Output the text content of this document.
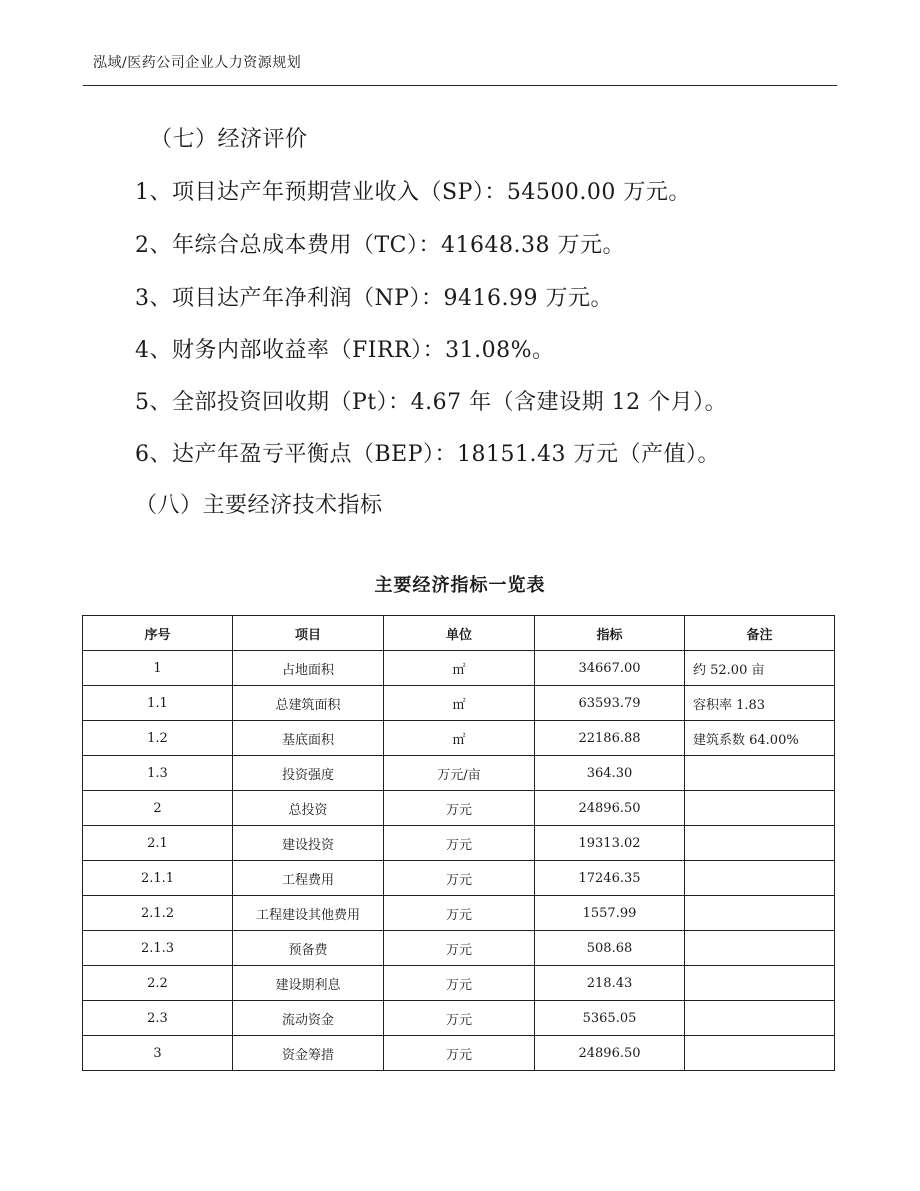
泓域/医药公司企业人力资源规划
（七）经济评价
1、项目达产年预期营业收入（SP）：54500.00 万元。
2、年综合总成本费用（TC）：41648.38 万元。
3、项目达产年净利润（NP）：9416.99 万元。
4、财务内部收益率（FIRR）：31.08%。
5、全部投资回收期（Pt）：4.67 年（含建设期 12 个月）。
6、达产年盈亏平衡点（BEP）：18151.43 万元（产值）。
（八）主要经济技术指标
主要经济指标一览表
序号	项目	单位	指标	备注
1	占地面积	㎡	34667.00	约 52.00 亩
1.1	总建筑面积	㎡	63593.79	容积率 1.83
1.2	基底面积	㎡	22186.88	建筑系数 64.00%
1.3	投资强度	万元/亩	364.30	
2	总投资	万元	24896.50	
2.1	建设投资	万元	19313.02	
2.1.1	工程费用	万元	17246.35	
2.1.2	工程建设其他费用	万元	1557.99	
2.1.3	预备费	万元	508.68	
2.2	建设期利息	万元	218.43	
2.3	流动资金	万元	5365.05	
3	资金筹措	万元	24896.50	
